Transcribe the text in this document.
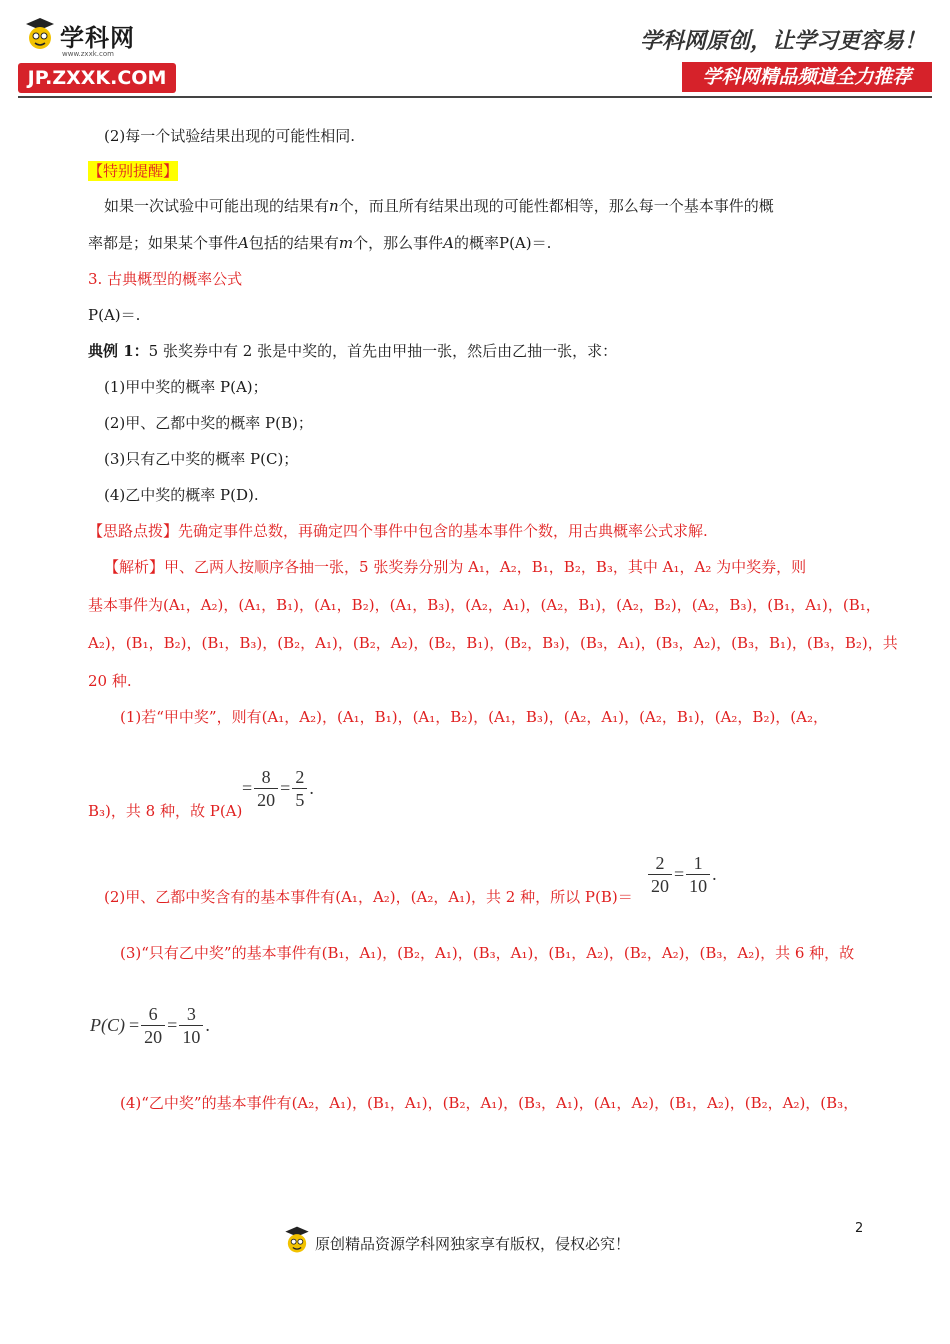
学科网
www.zxxk.com
JP.ZXXK.COM
学科网原创，让学习更容易！
学科网精品频道全力推荐
(2)每一个试验结果出现的可能性相同.
【特别提醒】
如果一次试验中可能出现的结果有n个，而且所有结果出现的可能性都相等，那么每一个基本事件的概
率都是；如果某个事件A包括的结果有m个，那么事件A的概率P(A)＝.
3. 古典概型的概率公式
P(A)＝.
典例 1：5 张奖券中有 2 张是中奖的，首先由甲抽一张，然后由乙抽一张，求：
(1)甲中奖的概率 P(A)；
(2)甲、乙都中奖的概率 P(B)；
(3)只有乙中奖的概率 P(C)；
(4)乙中奖的概率 P(D).
【思路点拨】先确定事件总数，再确定四个事件中包含的基本事件个数，用古典概率公式求解.
【解析】甲、乙两人按顺序各抽一张，5 张奖券分别为 A₁，A₂，B₁，B₂，B₃，其中 A₁，A₂ 为中奖券，则
基本事件为(A₁，A₂)，(A₁，B₁)，(A₁，B₂)，(A₁，B₃)，(A₂，A₁)，(A₂，B₁)，(A₂，B₂)，(A₂，B₃)，(B₁，A₁)，(B₁，
A₂)，(B₁，B₂)，(B₁，B₃)，(B₂，A₁)，(B₂，A₂)，(B₂，B₁)，(B₂，B₃)，(B₃，A₁)，(B₃，A₂)，(B₃，B₁)，(B₃，B₂)，共
20 种.
(1)若“甲中奖”，则有(A₁，A₂)，(A₁，B₁)，(A₁，B₂)，(A₁，B₃)，(A₂，A₁)，(A₂，B₁)，(A₂，B₂)，(A₂，
B₃)，共 8 种，故 P(A)
= $\frac{8}{20} = \frac{2}{5}$ .
(2)甲、乙都中奖含有的基本事件有(A₁，A₂)，(A₂，A₁)，共 2 种，所以 $P(B)= \frac{2}{20} = \frac{1}{10}$ .
(3)“只有乙中奖”的基本事件有(B₁，A₁)，(B₂，A₁)，(B₃，A₁)，(B₁，A₂)，(B₂，A₂)，(B₃，A₂)，共 6 种，故
$P(C) = \frac{6}{20} = \frac{3}{10}$ .
(4)“乙中奖”的基本事件有(A₂，A₁)，(B₁，A₁)，(B₂，A₁)，(B₃，A₁)，(A₁，A₂)，(B₁，A₂)，(B₂，A₂)，(B₃，
2
原创精品资源学科网独家享有版权，侵权必究！
